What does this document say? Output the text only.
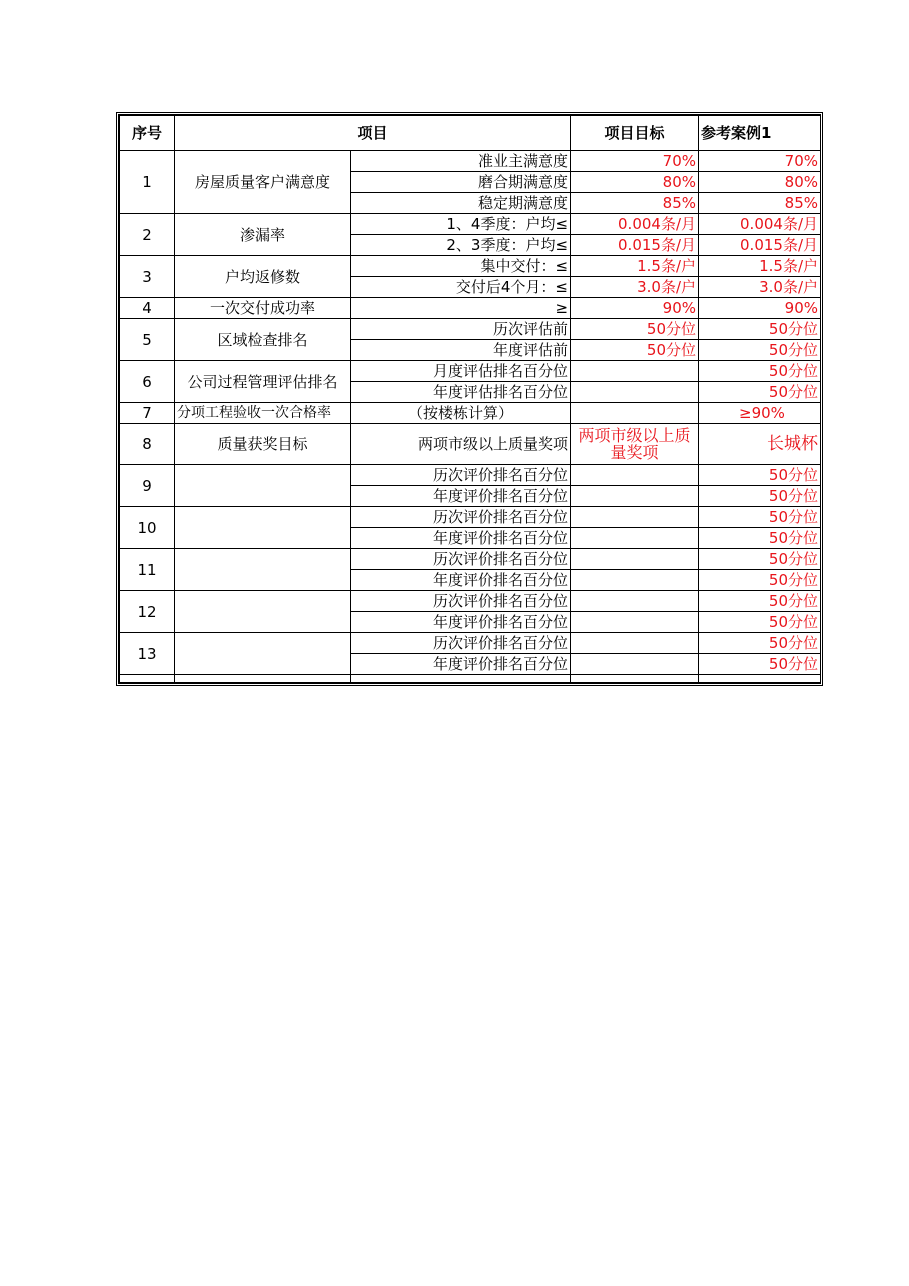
序号	项目		项目目标	参考案例1
1	房屋质量客户满意度	准业主满意度	70%	70%
		磨合期满意度	80%	80%
		稳定期满意度	85%	85%
2	渗漏率	1、4季度：户均≤	0.004条/月	0.004条/月
		2、3季度：户均≤	0.015条/月	0.015条/月
3	户均返修数	集中交付：≤	1.5条/户	1.5条/户
		交付后4个月：≤	3.0条/户	3.0条/户
4	一次交付成功率	≥	90%	90%
5	区域检查排名	历次评估前	50分位	50分位
		年度评估前	50分位	50分位
6	公司过程管理评估排名	月度评估排名百分位		50分位
		年度评估排名百分位		50分位
7	分项工程验收一次合格率	（按楼栋计算）		≥90%
8	质量获奖目标	两项市级以上质量奖项	两项市级以上质量奖项	长城杯
9		历次评价排名百分位		50分位
		年度评价排名百分位		50分位
10		历次评价排名百分位		50分位
		年度评价排名百分位		50分位
11		历次评价排名百分位		50分位
		年度评价排名百分位		50分位
12		历次评价排名百分位		50分位
		年度评价排名百分位		50分位
13		历次评价排名百分位		50分位
		年度评价排名百分位		50分位
